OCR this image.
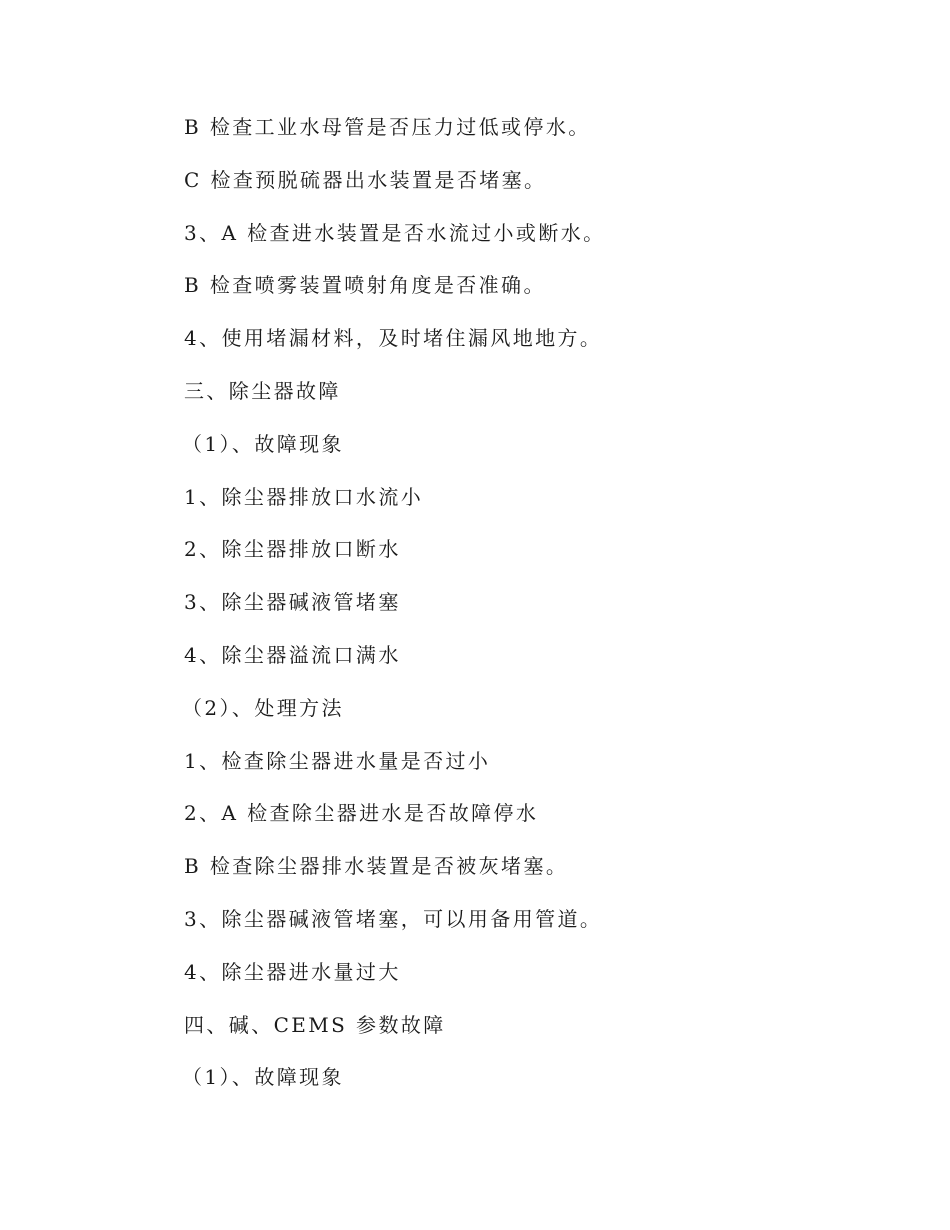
B 检查工业水母管是否压力过低或停水。
C 检查预脱硫器出水装置是否堵塞。
3、A 检查进水装置是否水流过小或断水。
B 检查喷雾装置喷射角度是否准确。
4、使用堵漏材料，及时堵住漏风地地方。
三、除尘器故障
（1）、故障现象
1、除尘器排放口水流小
2、除尘器排放口断水
3、除尘器碱液管堵塞
4、除尘器溢流口满水
（2）、处理方法
1、检查除尘器进水量是否过小
2、A 检查除尘器进水是否故障停水
B 检查除尘器排水装置是否被灰堵塞。
3、除尘器碱液管堵塞，可以用备用管道。
4、除尘器进水量过大
四、碱、CEMS 参数故障
（1）、故障现象
